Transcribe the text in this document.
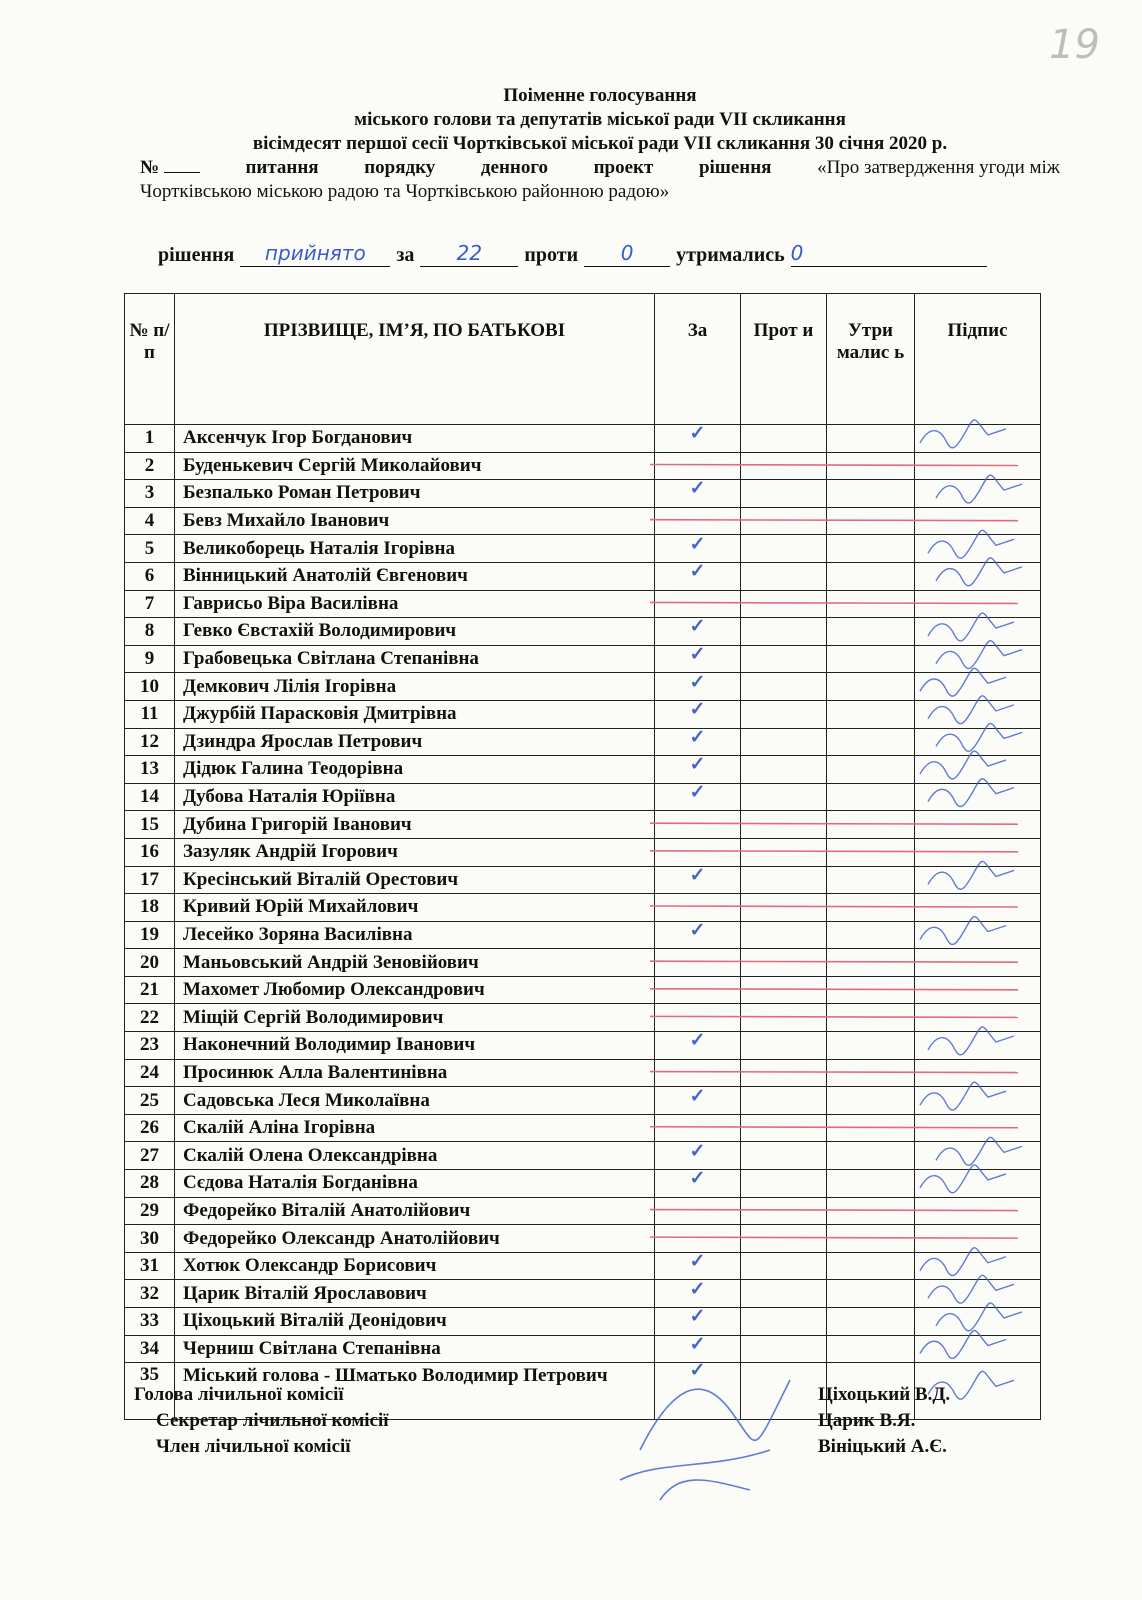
19
Поіменне голосування
міського голови та депутатів міської ради VII скликання
вісімдесят першої сесії Чортківської міської ради VII скликання 30 січня 2020 р.
№	питання порядку денного проект рішення «Про затвердження угоди між
Чортківською міською радою та Чортківською районною радою»
рішення	прийнято	за	22	проти	0	утримались 0
№ п/п	ПРІЗВИЩЕ, ІМ’Я, ПО БАТЬКОВІ	За	Прот и	Утри малис ь	Підпис
1	Аксенчук Ігор Богданович	✓			
2	Буденькевич Сергій Миколайович				
3	Безпалько Роман Петрович	✓			
4	Бевз Михайло Іванович				
5	Великоборець Наталія Ігорівна	✓			
6	Вінницький Анатолій Євгенович	✓			
7	Гаврисьо Віра Василівна				
8	Гевко Євстахій Володимирович	✓			
9	Грабовецька Світлана Степанівна	✓			
10	Демкович Лілія Ігорівна	✓			
11	Джурбій Парасковія Дмитрівна	✓			
12	Дзиндра Ярослав Петрович	✓			
13	Дідюк Галина Теодорівна	✓			
14	Дубова Наталія Юріївна	✓			
15	Дубина Григорій Іванович				
16	Зазуляк Андрій Ігорович				
17	Кресінський Віталій Орестович	✓			
18	Кривий Юрій Михайлович				
19	Лесейко Зоряна Василівна	✓			
20	Маньовський Андрій Зеновійович				
21	Махомет Любомир Олександрович				
22	Міщій Сергій Володимирович				
23	Наконечний Володимир Іванович	✓			
24	Просинюк Алла Валентинівна				
25	Садовська Леся Миколаївна	✓			
26	Скалій Аліна Ігорівна				
27	Скалій Олена Олександрівна	✓			
28	Сєдова Наталія Богданівна	✓			
29	Федорейко Віталій Анатолійович				
30	Федорейко Олександр Анатолійович				
31	Хотюк Олександр Борисович	✓			
32	Царик Віталій Ярославович	✓			
33	Ціхоцький Віталій Деонідович	✓			
34	Черниш Світлана Степанівна	✓			
35	Міський голова - Шматько Володимир Петрович	✓			
Голова лічильної комісії
Секретар лічильної комісії
Член лічильної комісії
Ціхоцький В.Д.
Царик В.Я.
Вініцький А.Є.
